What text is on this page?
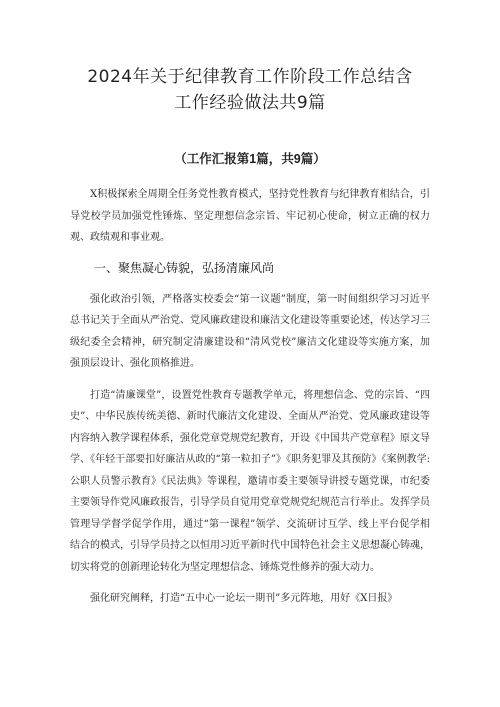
2024年关于纪律教育工作阶段工作总结含
工作经验做法共9篇
（工作汇报第1篇，共9篇）

X积极探索全周期全任务党性教育模式，坚持党性教育与纪律教育相结合，引导党校学员加强党性锤炼、坚定理想信念宗旨、牢记初心使命，树立正确的权力观、政绩观和事业观。

一、聚焦凝心铸貌，弘扬清廉风尚

强化政治引领，严格落实校委会“第一议题”制度，第一时间组织学习习近平总书记关于全面从严治党、党风廉政建设和廉洁文化建设等重要论述，传达学习三级纪委全会精神，研究制定清廉建设和“清风党校”廉洁文化建设等实施方案，加强顶层设计、强化顶格推进。

打造“清廉课堂”，设置党性教育专题教学单元，将理想信念、党的宗旨、“四史”、中华民族传统美德、新时代廉洁文化建设、全面从严治党、党风廉政建设等内容纳入教学课程体系，强化党章党规党纪教育，开设《中国共产党章程》原文导学、《年轻干部要扣好廉洁从政的“第一粒扣子”》《职务犯罪及其预防》《案例教学:公职人员警示教育》《民法典》等课程，邀请市委主要领导讲授专题党课，市纪委主要领导作党风廉政报告，引导学员自觉用党章党规党纪规范言行举止。发挥学员管理导学督学促学作用，通过“第一课程”领学、交流研讨互学、线上平台促学相结合的模式，引导学员持之以恒用习近平新时代中国特色社会主义思想凝心铸魂，切实将党的创新理论转化为坚定理想信念、锤炼党性修养的强大动力。

强化研究阐释，打造“五中心一论坛一期刊”多元阵地，用好《X日报》
